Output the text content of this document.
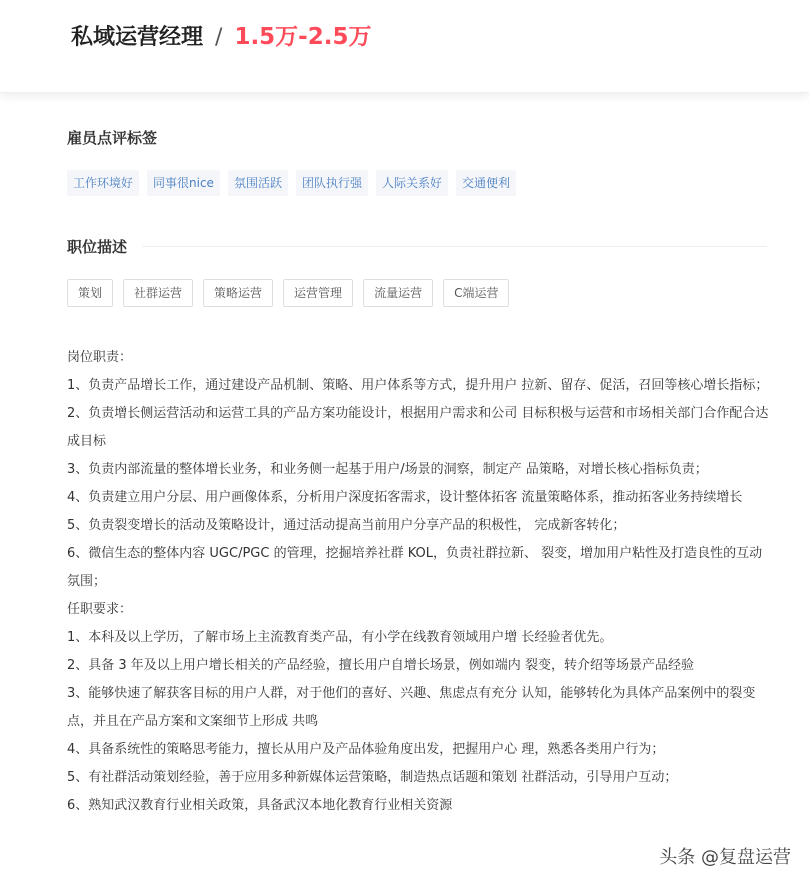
私域运营经理 / 1.5万-2.5万
雇员点评标签
工作环境好	同事很nice	氛围活跃	团队执行强	人际关系好	交通便利
职位描述
策划	社群运营	策略运营	运营管理	流量运营	C端运营
岗位职责：
1、负责产品增长工作，通过建设产品机制、策略、用户体系等方式，提升用户 拉新、留存、促活，召回等核心增长指标；
2、负责增长侧运营活动和运营工具的产品方案功能设计，根据用户需求和公司 目标积极与运营和市场相关部门合作配合达成目标
3、负责内部流量的整体增长业务，和业务侧一起基于用户/场景的洞察，制定产 品策略，对增长核心指标负责；
4、负责建立用户分层、用户画像体系，分析用户深度拓客需求，设计整体拓客 流量策略体系，推动拓客业务持续增长
5、负责裂变增长的活动及策略设计，通过活动提高当前用户分享产品的积极性， 完成新客转化；
6、微信生态的整体内容 UGC/PGC 的管理，挖掘培养社群 KOL，负责社群拉新、 裂变，增加用户粘性及打造良性的互动氛围；
任职要求：
1、本科及以上学历，了解市场上主流教育类产品，有小学在线教育领域用户增 长经验者优先。
2、具备 3 年及以上用户增长相关的产品经验，擅长用户自增长场景，例如端内 裂变，转介绍等场景产品经验
3、能够快速了解获客目标的用户人群，对于他们的喜好、兴趣、焦虑点有充分 认知，能够转化为具体产品案例中的裂变点，并且在产品方案和文案细节上形成 共鸣
4、具备系统性的策略思考能力，擅长从用户及产品体验角度出发，把握用户心 理，熟悉各类用户行为；
5、有社群活动策划经验，善于应用多种新媒体运营策略，制造热点话题和策划 社群活动，引导用户互动；
6、熟知武汉教育行业相关政策，具备武汉本地化教育行业相关资源
头条 @复盘运营
